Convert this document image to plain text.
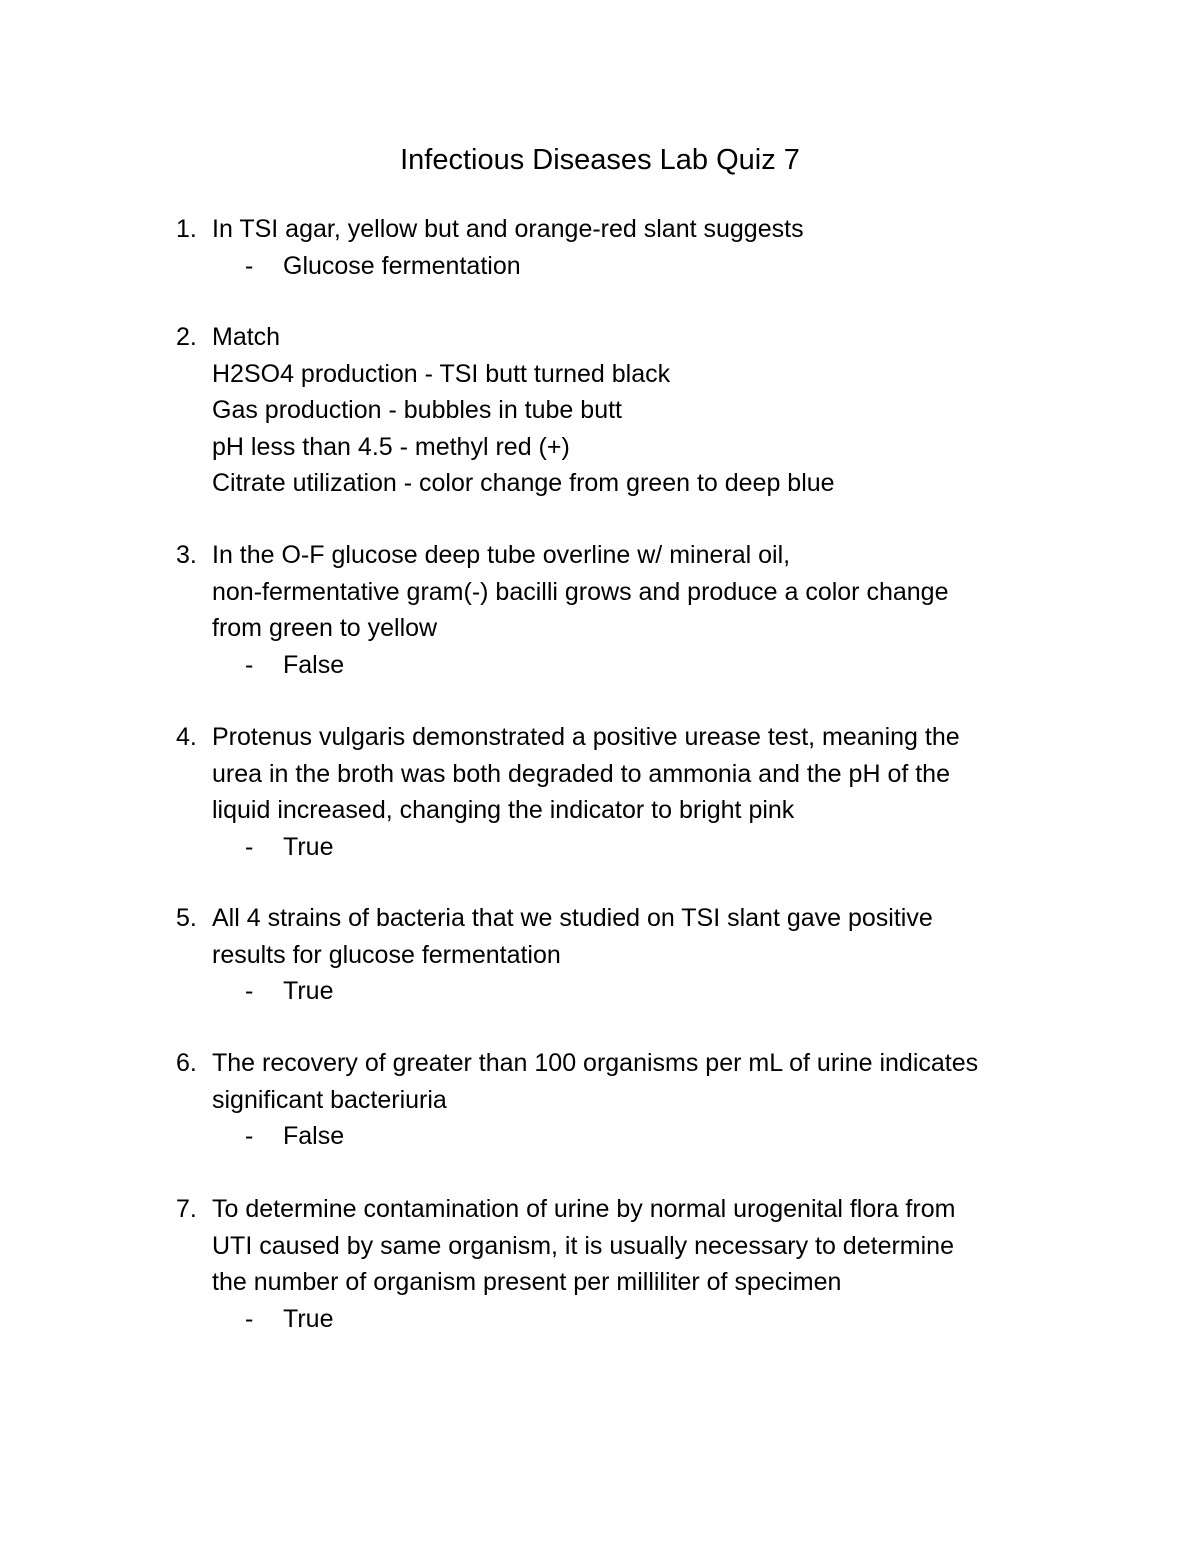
Infectious Diseases Lab Quiz 7
1. In TSI agar, yellow but and orange-red slant suggests
- Glucose fermentation
2. Match
H2SO4 production - TSI butt turned black
Gas production - bubbles in tube butt
pH less than 4.5 - methyl red (+)
Citrate utilization - color change from green to deep blue
3. In the O-F glucose deep tube overline w/ mineral oil,
non-fermentative gram(-) bacilli grows and produce a color change
from green to yellow
- False
4. Protenus vulgaris demonstrated a positive urease test, meaning the
urea in the broth was both degraded to ammonia and the pH of the
liquid increased, changing the indicator to bright pink
- True
5. All 4 strains of bacteria that we studied on TSI slant gave positive
results for glucose fermentation
- True
6. The recovery of greater than 100 organisms per mL of urine indicates
significant bacteriuria
- False
7. To determine contamination of urine by normal urogenital flora from
UTI caused by same organism, it is usually necessary to determine
the number of organism present per milliliter of specimen
- True
